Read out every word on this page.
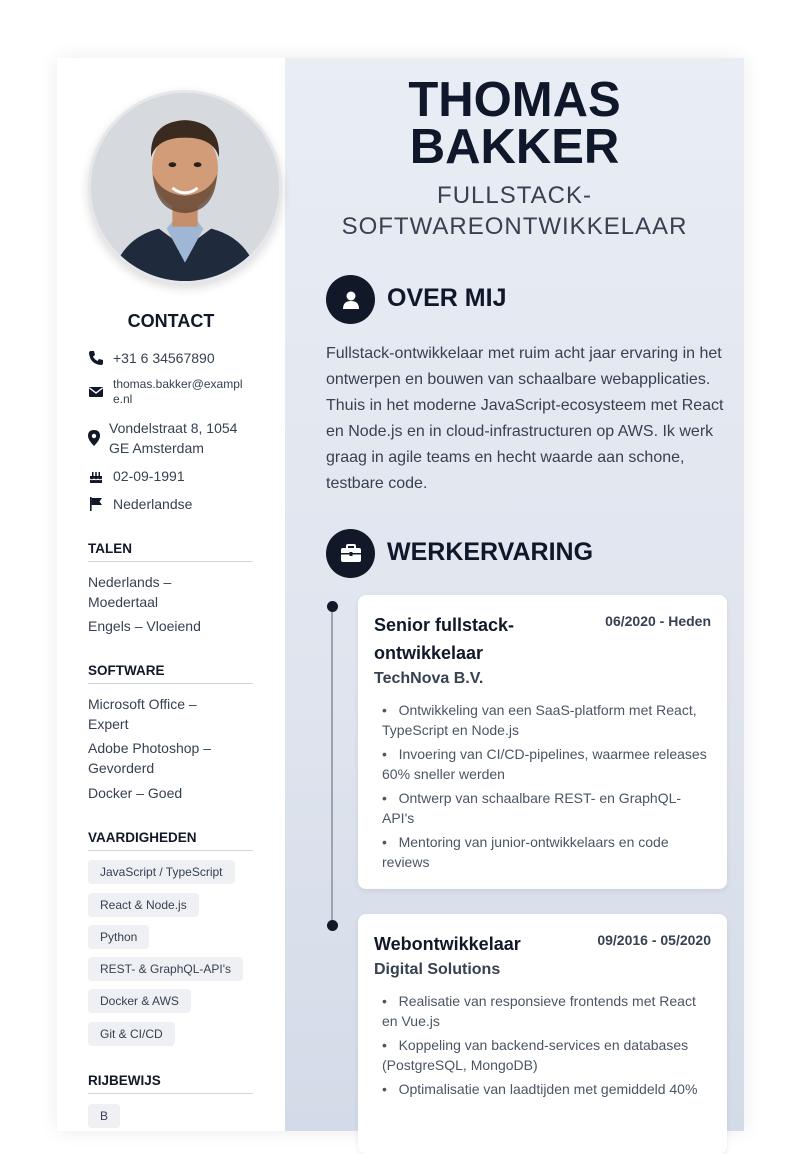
CONTACT
+31 6 34567890
thomas.bakker@exampl
e.nl
Vondelstraat 8, 1054
GE Amsterdam
02-09-1991
Nederlandse
TALEN
Nederlands –
Moedertaal
Engels – Vloeiend
SOFTWARE
Microsoft Office –
Expert
Adobe Photoshop –
Gevorderd
Docker – Goed
VAARDIGHEDEN
JavaScript / TypeScript
React & Node.js
Python
REST- & GraphQL-API's
Docker & AWS
Git & CI/CD
RIJBEWIJS
B
THOMAS
BAKKER
FULLSTACK-
SOFTWAREONTWIKKELAAR
OVER MIJ
Fullstack-ontwikkelaar met ruim acht jaar ervaring in het ontwerpen en bouwen van schaalbare webapplicaties. Thuis in het moderne JavaScript-ecosysteem met React en Node.js en in cloud-infrastructuren op AWS. Ik werk graag in agile teams en hecht waarde aan schone, testbare code.
WERKERVARING
Senior fullstack-
ontwikkelaar
06/2020 - Heden
TechNova B.V.
•   Ontwikkeling van een SaaS-platform met React, TypeScript en Node.js
•   Invoering van CI/CD-pipelines, waarmee releases 60% sneller werden
•   Ontwerp van schaalbare REST- en GraphQL-API's
•   Mentoring van junior-ontwikkelaars en code reviews
Webontwikkelaar	09/2016 - 05/2020
Digital Solutions
•   Realisatie van responsieve frontends met React en Vue.js
•   Koppeling van backend-services en databases (PostgreSQL, MongoDB)
•   Optimalisatie van laadtijden met gemiddeld 40%
